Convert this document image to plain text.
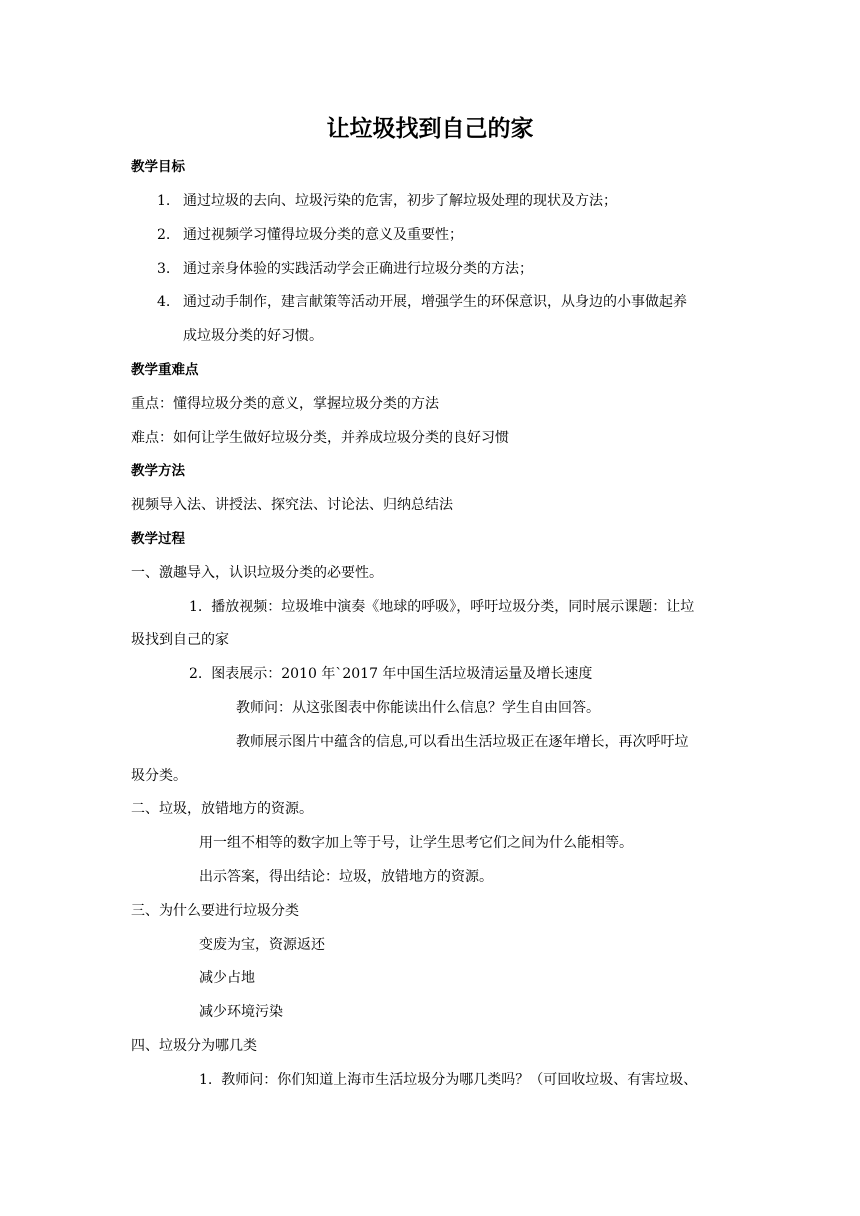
让垃圾找到自己的家
教学目标
1. 通过垃圾的去向、垃圾污染的危害，初步了解垃圾处理的现状及方法；
2. 通过视频学习懂得垃圾分类的意义及重要性；
3. 通过亲身体验的实践活动学会正确进行垃圾分类的方法；
4. 通过动手制作，建言献策等活动开展，增强学生的环保意识，从身边的小事做起养
成垃圾分类的好习惯。
教学重难点
重点：懂得垃圾分类的意义，掌握垃圾分类的方法
难点：如何让学生做好垃圾分类，并养成垃圾分类的良好习惯
教学方法
视频导入法、讲授法、探究法、讨论法、归纳总结法
教学过程
一、激趣导入，认识垃圾分类的必要性。
1. 播放视频：垃圾堆中演奏《地球的呼吸》，呼吁垃圾分类，同时展示课题：让垃
圾找到自己的家
2. 图表展示：2010 年`2017 年中国生活垃圾清运量及增长速度
教师问：从这张图表中你能读出什么信息？学生自由回答。
教师展示图片中蕴含的信息,可以看出生活垃圾正在逐年增长，再次呼吁垃
圾分类。
二、垃圾，放错地方的资源。
用一组不相等的数字加上等于号，让学生思考它们之间为什么能相等。
出示答案，得出结论：垃圾，放错地方的资源。
三、为什么要进行垃圾分类
变废为宝，资源返还
减少占地
减少环境污染
四、垃圾分为哪几类
1. 教师问：你们知道上海市生活垃圾分为哪几类吗？（可回收垃圾、有害垃圾、
